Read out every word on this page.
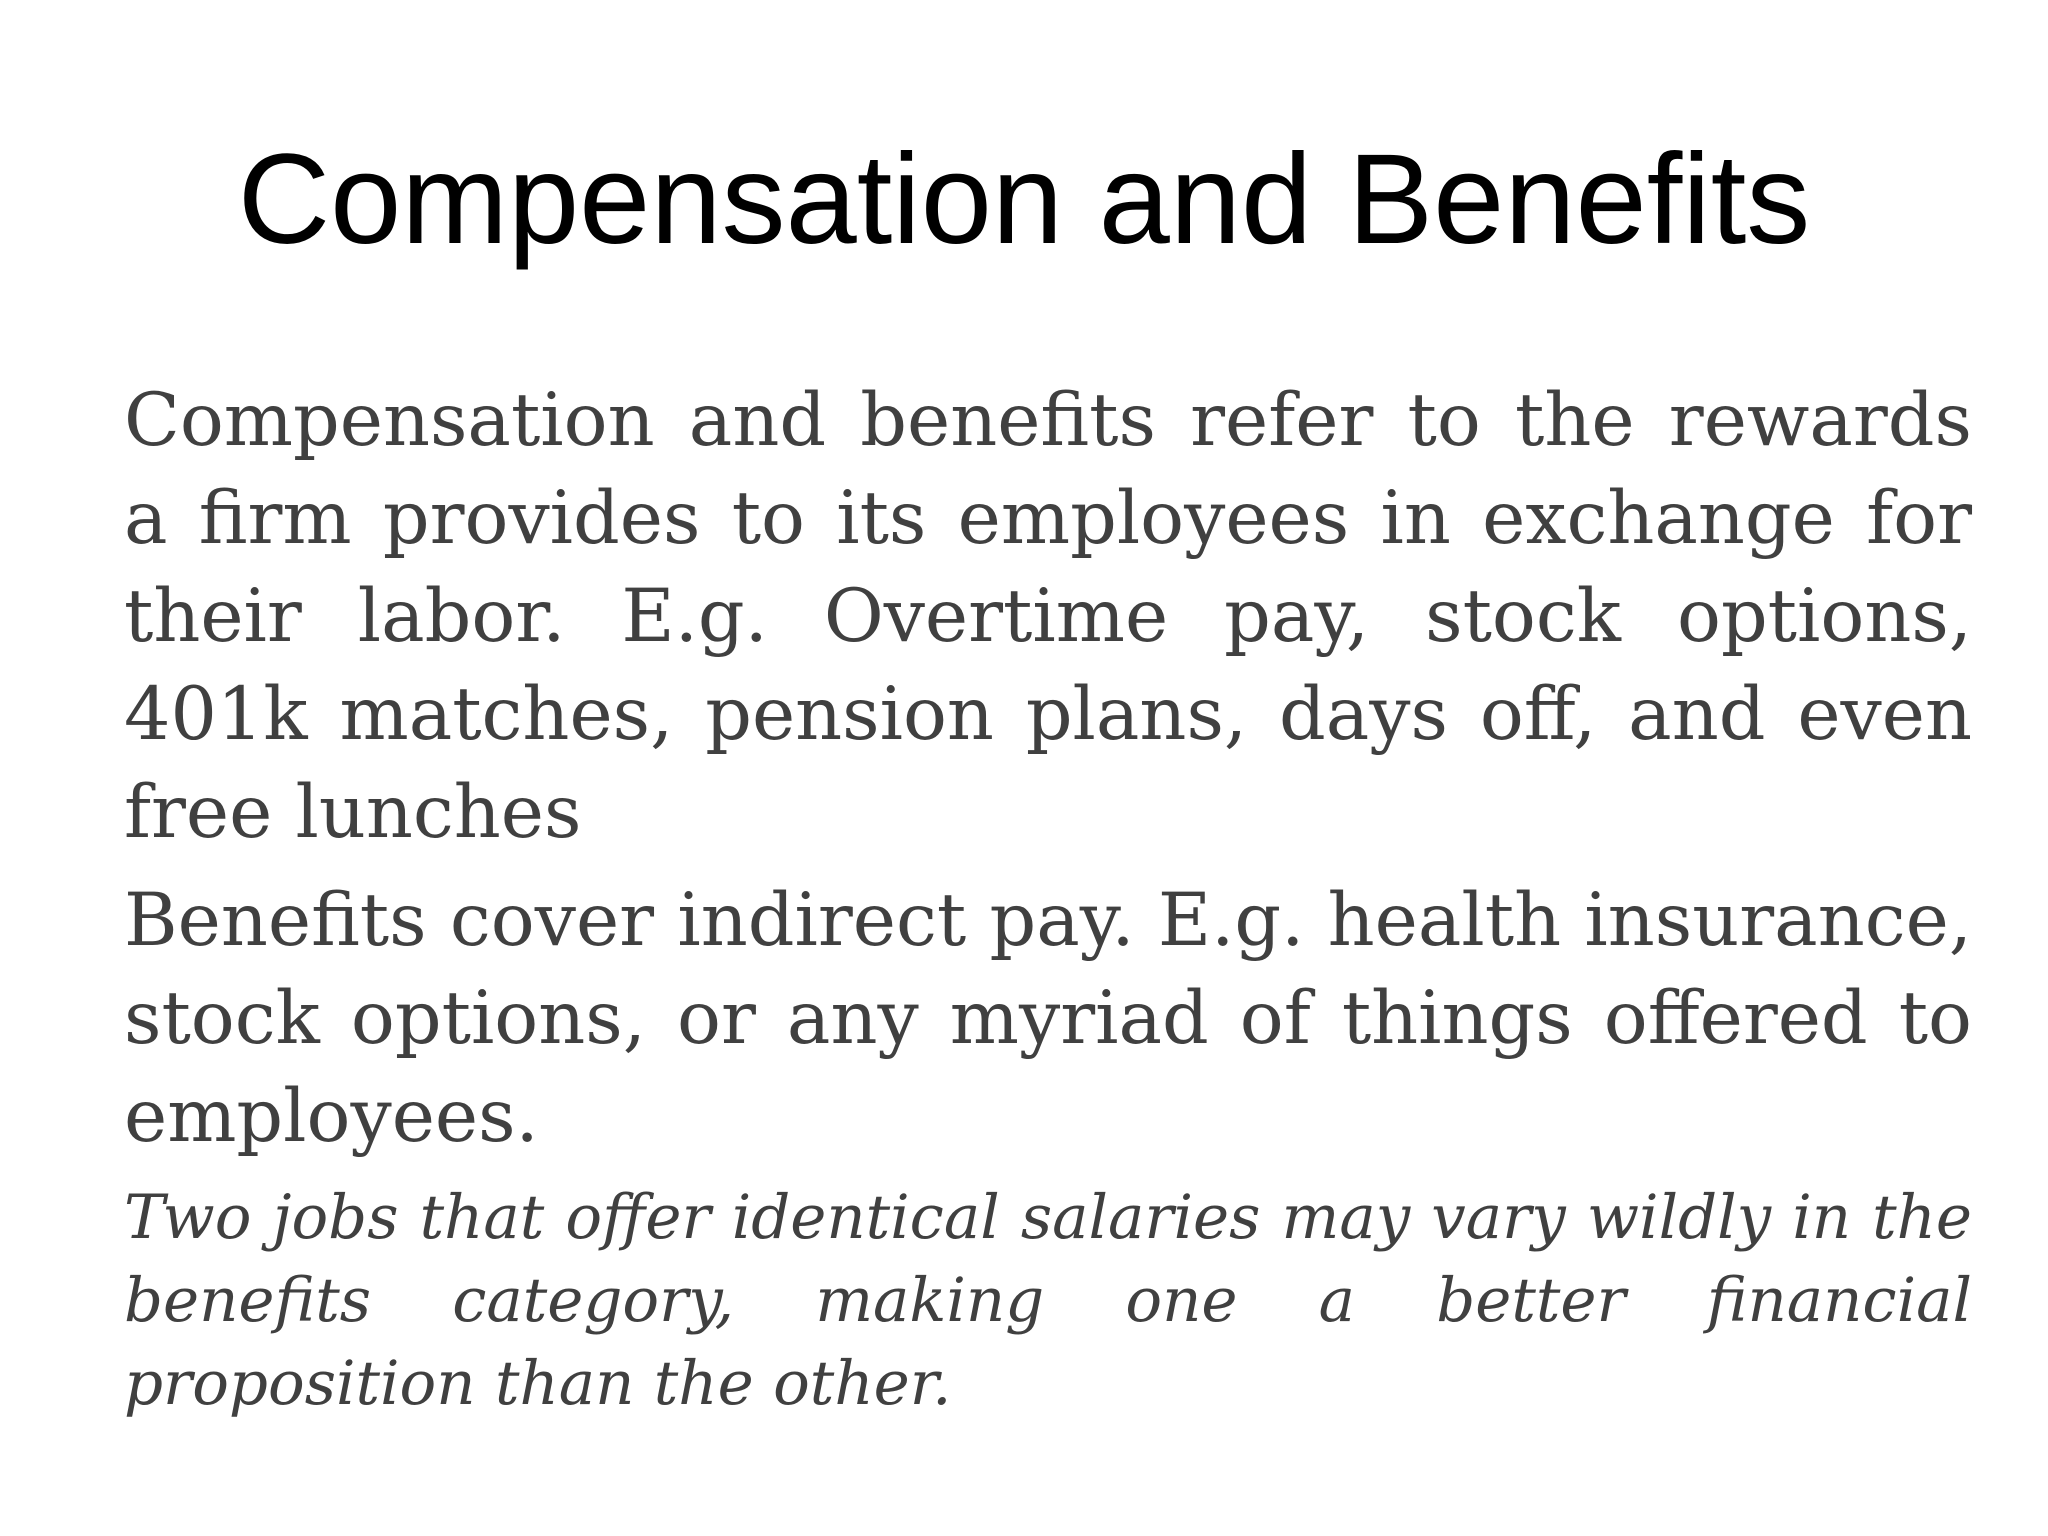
Compensation and Benefits

Compensation and benefits refer to the rewards a firm provides to its employees in exchange for their labor. E.g. Overtime pay, stock options, 401k matches, pension plans, days off, and even free lunches

Benefits cover indirect pay. E.g. health insurance, stock options, or any myriad of things offered to employees.

Two jobs that offer identical salaries may vary wildly in the benefits category, making one a better financial proposition than the other.
